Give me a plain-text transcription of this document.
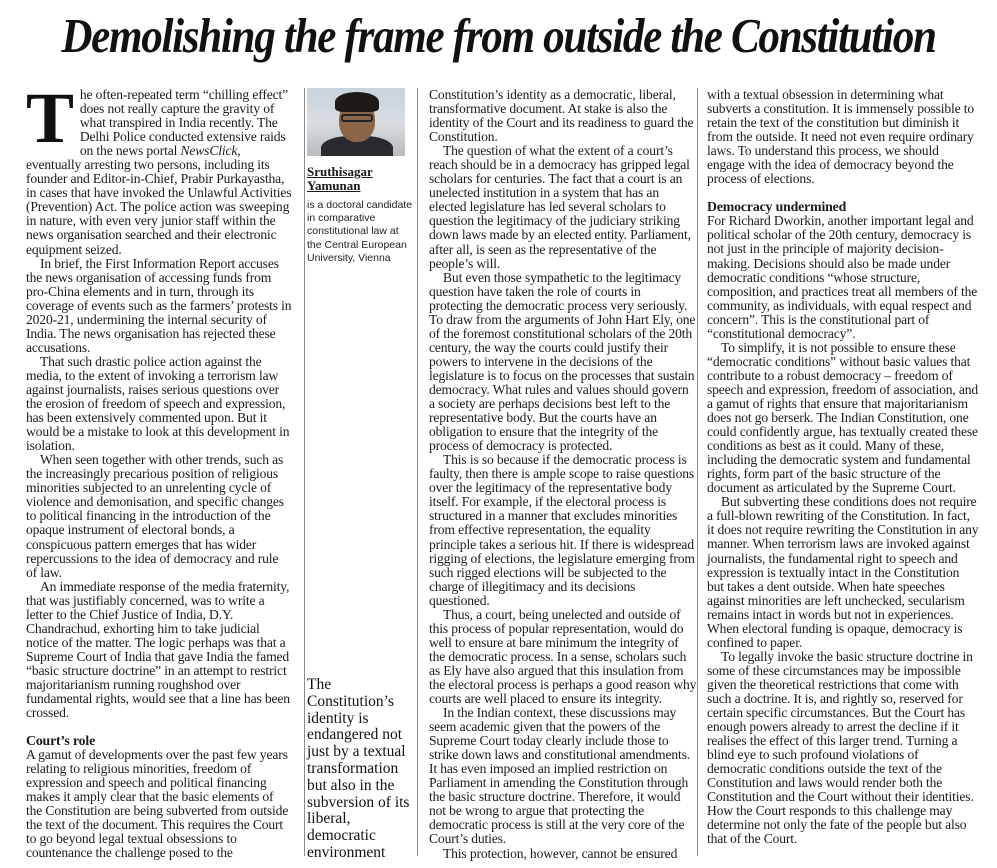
Demolishing the frame from outside the Constitution

The often-repeated term “chilling effect” does not really capture the gravity of what transpired in India recently. The Delhi Police conducted extensive raids on the news portal NewsClick, eventually arresting two persons, including its founder and Editor-in-Chief, Prabir Purkayastha, in cases that have invoked the Unlawful Activities (Prevention) Act. The police action was sweeping in nature, with even very junior staff within the news organisation searched and their electronic equipment seized.

In brief, the First Information Report accuses the news organisation of accessing funds from pro-China elements and in turn, through its coverage of events such as the farmers’ protests in 2020-21, undermining the internal security of India. The news organisation has rejected these accusations.

That such drastic police action against the media, to the extent of invoking a terrorism law against journalists, raises serious questions over the erosion of freedom of speech and expression, has been extensively commented upon. But it would be a mistake to look at this development in isolation.

When seen together with other trends, such as the increasingly precarious position of religious minorities subjected to an unrelenting cycle of violence and demonisation, and specific changes to political financing in the introduction of the opaque instrument of electoral bonds, a conspicuous pattern emerges that has wider repercussions to the idea of democracy and rule of law.

An immediate response of the media fraternity, that was justifiably concerned, was to write a letter to the Chief Justice of India, D.Y. Chandrachud, exhorting him to take judicial notice of the matter. The logic perhaps was that a Supreme Court of India that gave India the famed “basic structure doctrine” in an attempt to restrict majoritarianism running roughshod over fundamental rights, would see that a line has been crossed.

Court’s role

A gamut of developments over the past few years relating to religious minorities, freedom of expression and speech and political financing makes it amply clear that the basic elements of the Constitution are being subverted from outside the text of the document. This requires the Court to go beyond legal textual obsessions to countenance the challenge posed to the

Sruthisagar
Yamunan
is a doctoral candidate in comparative constitutional law at the Central European University, Vienna
The Constitution’s identity is endangered not just by a textual transformation but also in the subversion of its liberal, democratic environment

Constitution’s identity as a democratic, liberal, transformative document. At stake is also the identity of the Court and its readiness to guard the Constitution.

The question of what the extent of a court’s reach should be in a democracy has gripped legal scholars for centuries. The fact that a court is an unelected institution in a system that has an elected legislature has led several scholars to question the legitimacy of the judiciary striking down laws made by an elected entity. Parliament, after all, is seen as the representative of the people’s will.

But even those sympathetic to the legitimacy question have taken the role of courts in protecting the democratic process very seriously. To draw from the arguments of John Hart Ely, one of the foremost constitutional scholars of the 20th century, the way the courts could justify their powers to intervene in the decisions of the legislature is to focus on the processes that sustain democracy. What rules and values should govern a society are perhaps decisions best left to the representative body. But the courts have an obligation to ensure that the integrity of the process of democracy is protected.

This is so because if the democratic process is faulty, then there is ample scope to raise questions over the legitimacy of the representative body itself. For example, if the electoral process is structured in a manner that excludes minorities from effective representation, the equality principle takes a serious hit. If there is widespread rigging of elections, the legislature emerging from such rigged elections will be subjected to the charge of illegitimacy and its decisions questioned.

Thus, a court, being unelected and outside of this process of popular representation, would do well to ensure at bare minimum the integrity of the democratic process. In a sense, scholars such as Ely have also argued that this insulation from the electoral process is perhaps a good reason why courts are well placed to ensure its integrity.

In the Indian context, these discussions may seem academic given that the powers of the Supreme Court today clearly include those to strike down laws and constitutional amendments. It has even imposed an implied restriction on Parliament in amending the Constitution through the basic structure doctrine. Therefore, it would not be wrong to argue that protecting the democratic process is still at the very core of the Court’s duties.

This protection, however, cannot be ensured

with a textual obsession in determining what subverts a constitution. It is immensely possible to retain the text of the constitution but diminish it from the outside. It need not even require ordinary laws. To understand this process, we should engage with the idea of democracy beyond the process of elections.

Democracy undermined

For Richard Dworkin, another important legal and political scholar of the 20th century, democracy is not just in the principle of majority decision-making. Decisions should also be made under democratic conditions “whose structure, composition, and practices treat all members of the community, as individuals, with equal respect and concern”. This is the constitutional part of “constitutional democracy”.

To simplify, it is not possible to ensure these “democratic conditions” without basic values that contribute to a robust democracy – freedom of speech and expression, freedom of association, and a gamut of rights that ensure that majoritarianism does not go berserk. The Indian Constitution, one could confidently argue, has textually created these conditions as best as it could. Many of these, including the democratic system and fundamental rights, form part of the basic structure of the document as articulated by the Supreme Court.

But subverting these conditions does not require a full-blown rewriting of the Constitution. In fact, it does not require rewriting the Constitution in any manner. When terrorism laws are invoked against journalists, the fundamental right to speech and expression is textually intact in the Constitution but takes a dent outside. When hate speeches against minorities are left unchecked, secularism remains intact in words but not in experiences. When electoral funding is opaque, democracy is confined to paper.

To legally invoke the basic structure doctrine in some of these circumstances may be impossible given the theoretical restrictions that come with such a doctrine. It is, and rightly so, reserved for certain specific circumstances. But the Court has enough powers already to arrest the decline if it realises the effect of this larger trend. Turning a blind eye to such profound violations of democratic conditions outside the text of the Constitution and laws would render both the Constitution and the Court without their identities. How the Court responds to this challenge may determine not only the fate of the people but also that of the Court.
